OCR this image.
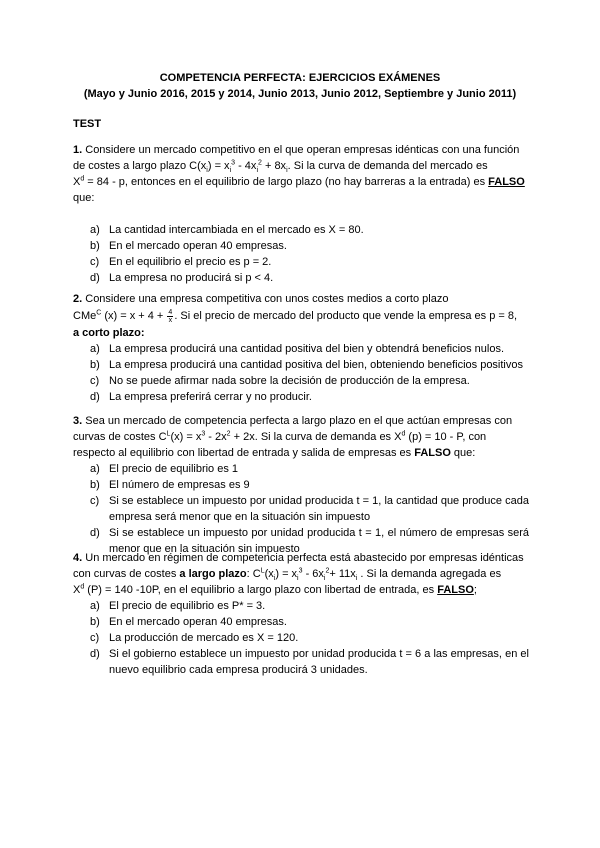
COMPETENCIA PERFECTA: EJERCICIOS EXÁMENES
(Mayo y Junio 2016, 2015 y 2014, Junio 2013, Junio 2012, Septiembre y Junio 2011)
TEST
1. Considere un mercado competitivo en el que operan empresas idénticas con una función
de costes a largo plazo $C(x_i) = x_i^3 - 4x_i^2 + 8x_i$. Si la curva de demanda del mercado es
$X^d = 84 - p$, entonces en el equilibrio de largo plazo (no hay barreras a la entrada) es FALSO
que:
a) La cantidad intercambiada en el mercado es X = 80.
b) En el mercado operan 40 empresas.
c) En el equilibrio el precio es p = 2.
d) La empresa no producirá si p < 4.
2. Considere una empresa competitiva con unos costes medios a corto plazo
CMe$^C$ $(x) = x + 4 + \frac{4}{x}$ . Si el precio de mercado del producto que vende la empresa es p = 8,
a corto plazo:
a) La empresa producirá una cantidad positiva del bien y obtendrá beneficios nulos.
b) La empresa producirá una cantidad positiva del bien, obteniendo beneficios positivos
c) No se puede afirmar nada sobre la decisión de producción de la empresa.
d) La empresa preferirá cerrar y no producir.
3. Sea un mercado de competencia perfecta a largo plazo en el que actúan empresas con
curvas de costes $C^L(x) = x^3 - 2x^2 + 2x$. Si la curva de demanda es $X^d$ (p) = 10 - P, con
respecto al equilibrio con libertad de entrada y salida de empresas es FALSO que:
a) El precio de equilibrio es 1
b) El número de empresas es 9
c) Si se establece un impuesto por unidad producida t = 1, la cantidad que produce cada empresa será menor que en la situación sin impuesto
d) Si se establece un impuesto por unidad producida t = 1, el número de empresas será menor que en la situación sin impuesto
4. Un mercado en régimen de competencia perfecta está abastecido por empresas idénticas
con curvas de costes a largo plazo: $C^L(x_i) = x_i^3 - 6x_i^2+ 11x_i$ . Si la demanda agregada es
$X^d$ (P) = 140 -10P, en el equilibrio a largo plazo con libertad de entrada, es FALSO;
a) El precio de equilibrio es P* = 3.
b) En el mercado operan 40 empresas.
c) La producción de mercado es X = 120.
d) Si el gobierno establece un impuesto por unidad producida t = 6 a las empresas, en el nuevo equilibrio cada empresa producirá 3 unidades.
